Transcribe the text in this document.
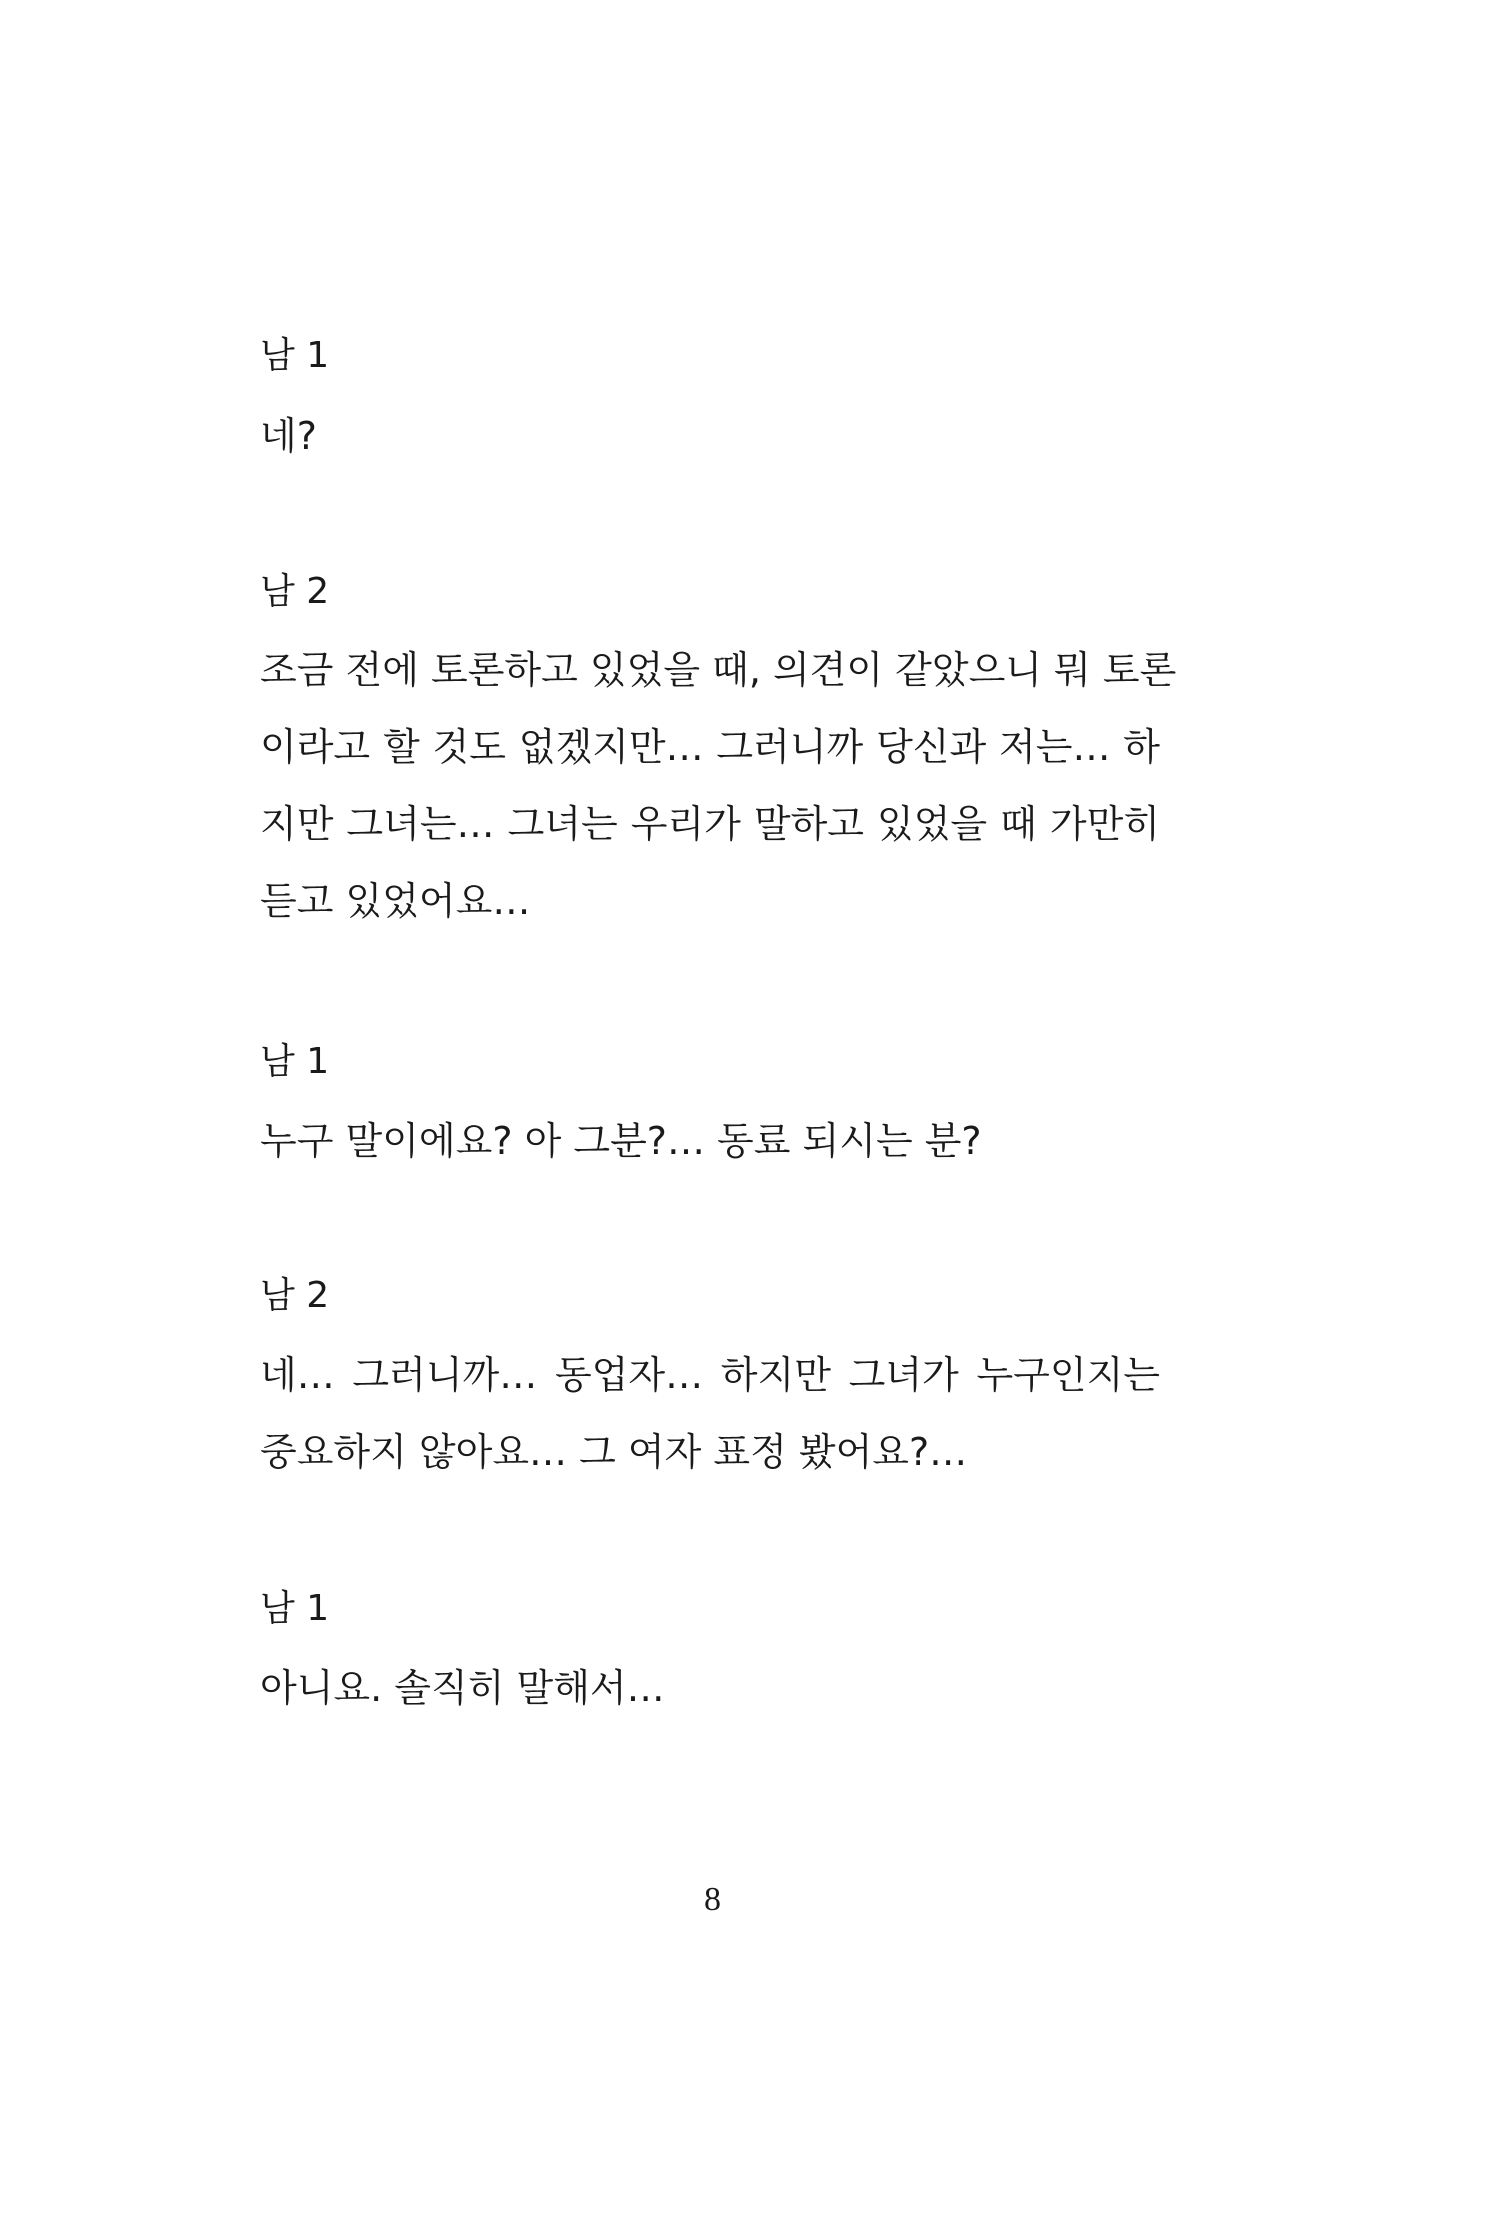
남 1
네?
남 2
조금 전에 토론하고 있었을 때, 의견이 같았으니 뭐 토론
이라고 할 것도 없겠지만… 그러니까 당신과 저는… 하
지만 그녀는… 그녀는 우리가 말하고 있었을 때 가만히
듣고 있었어요…
남 1
누구 말이에요? 아 그분?… 동료 되시는 분?
남 2
네… 그러니까… 동업자… 하지만 그녀가 누구인지는
중요하지 않아요… 그 여자 표정 봤어요?…
남 1
아니요. 솔직히 말해서…
8
